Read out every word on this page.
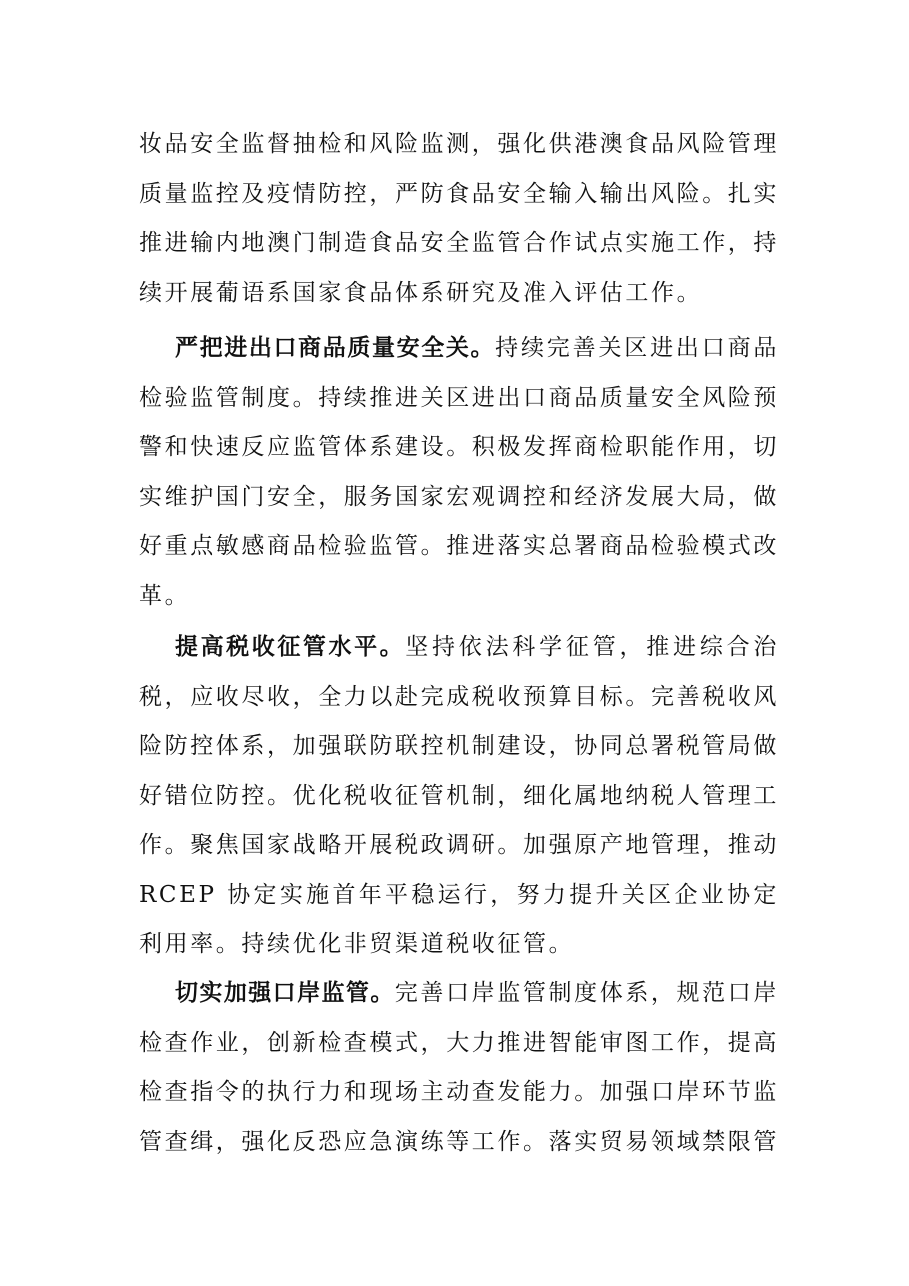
妆品安全监督抽检和风险监测，强化供港澳食品风险管理质量监控及疫情防控，严防食品安全输入输出风险。扎实推进输内地澳门制造食品安全监管合作试点实施工作，持续开展葡语系国家食品体系研究及准入评估工作。

严把进出口商品质量安全关。持续完善关区进出口商品检验监管制度。持续推进关区进出口商品质量安全风险预警和快速反应监管体系建设。积极发挥商检职能作用，切实维护国门安全，服务国家宏观调控和经济发展大局，做好重点敏感商品检验监管。推进落实总署商品检验模式改革。

提高税收征管水平。坚持依法科学征管，推进综合治税，应收尽收，全力以赴完成税收预算目标。完善税收风险防控体系，加强联防联控机制建设，协同总署税管局做好错位防控。优化税收征管机制，细化属地纳税人管理工作。聚焦国家战略开展税政调研。加强原产地管理，推动 RCEP 协定实施首年平稳运行，努力提升关区企业协定利用率。持续优化非贸渠道税收征管。

切实加强口岸监管。完善口岸监管制度体系，规范口岸检查作业，创新检查模式，大力推进智能审图工作，提高检查指令的执行力和现场主动查发能力。加强口岸环节监管查缉，强化反恐应急演练等工作。落实贸易领域禁限管
